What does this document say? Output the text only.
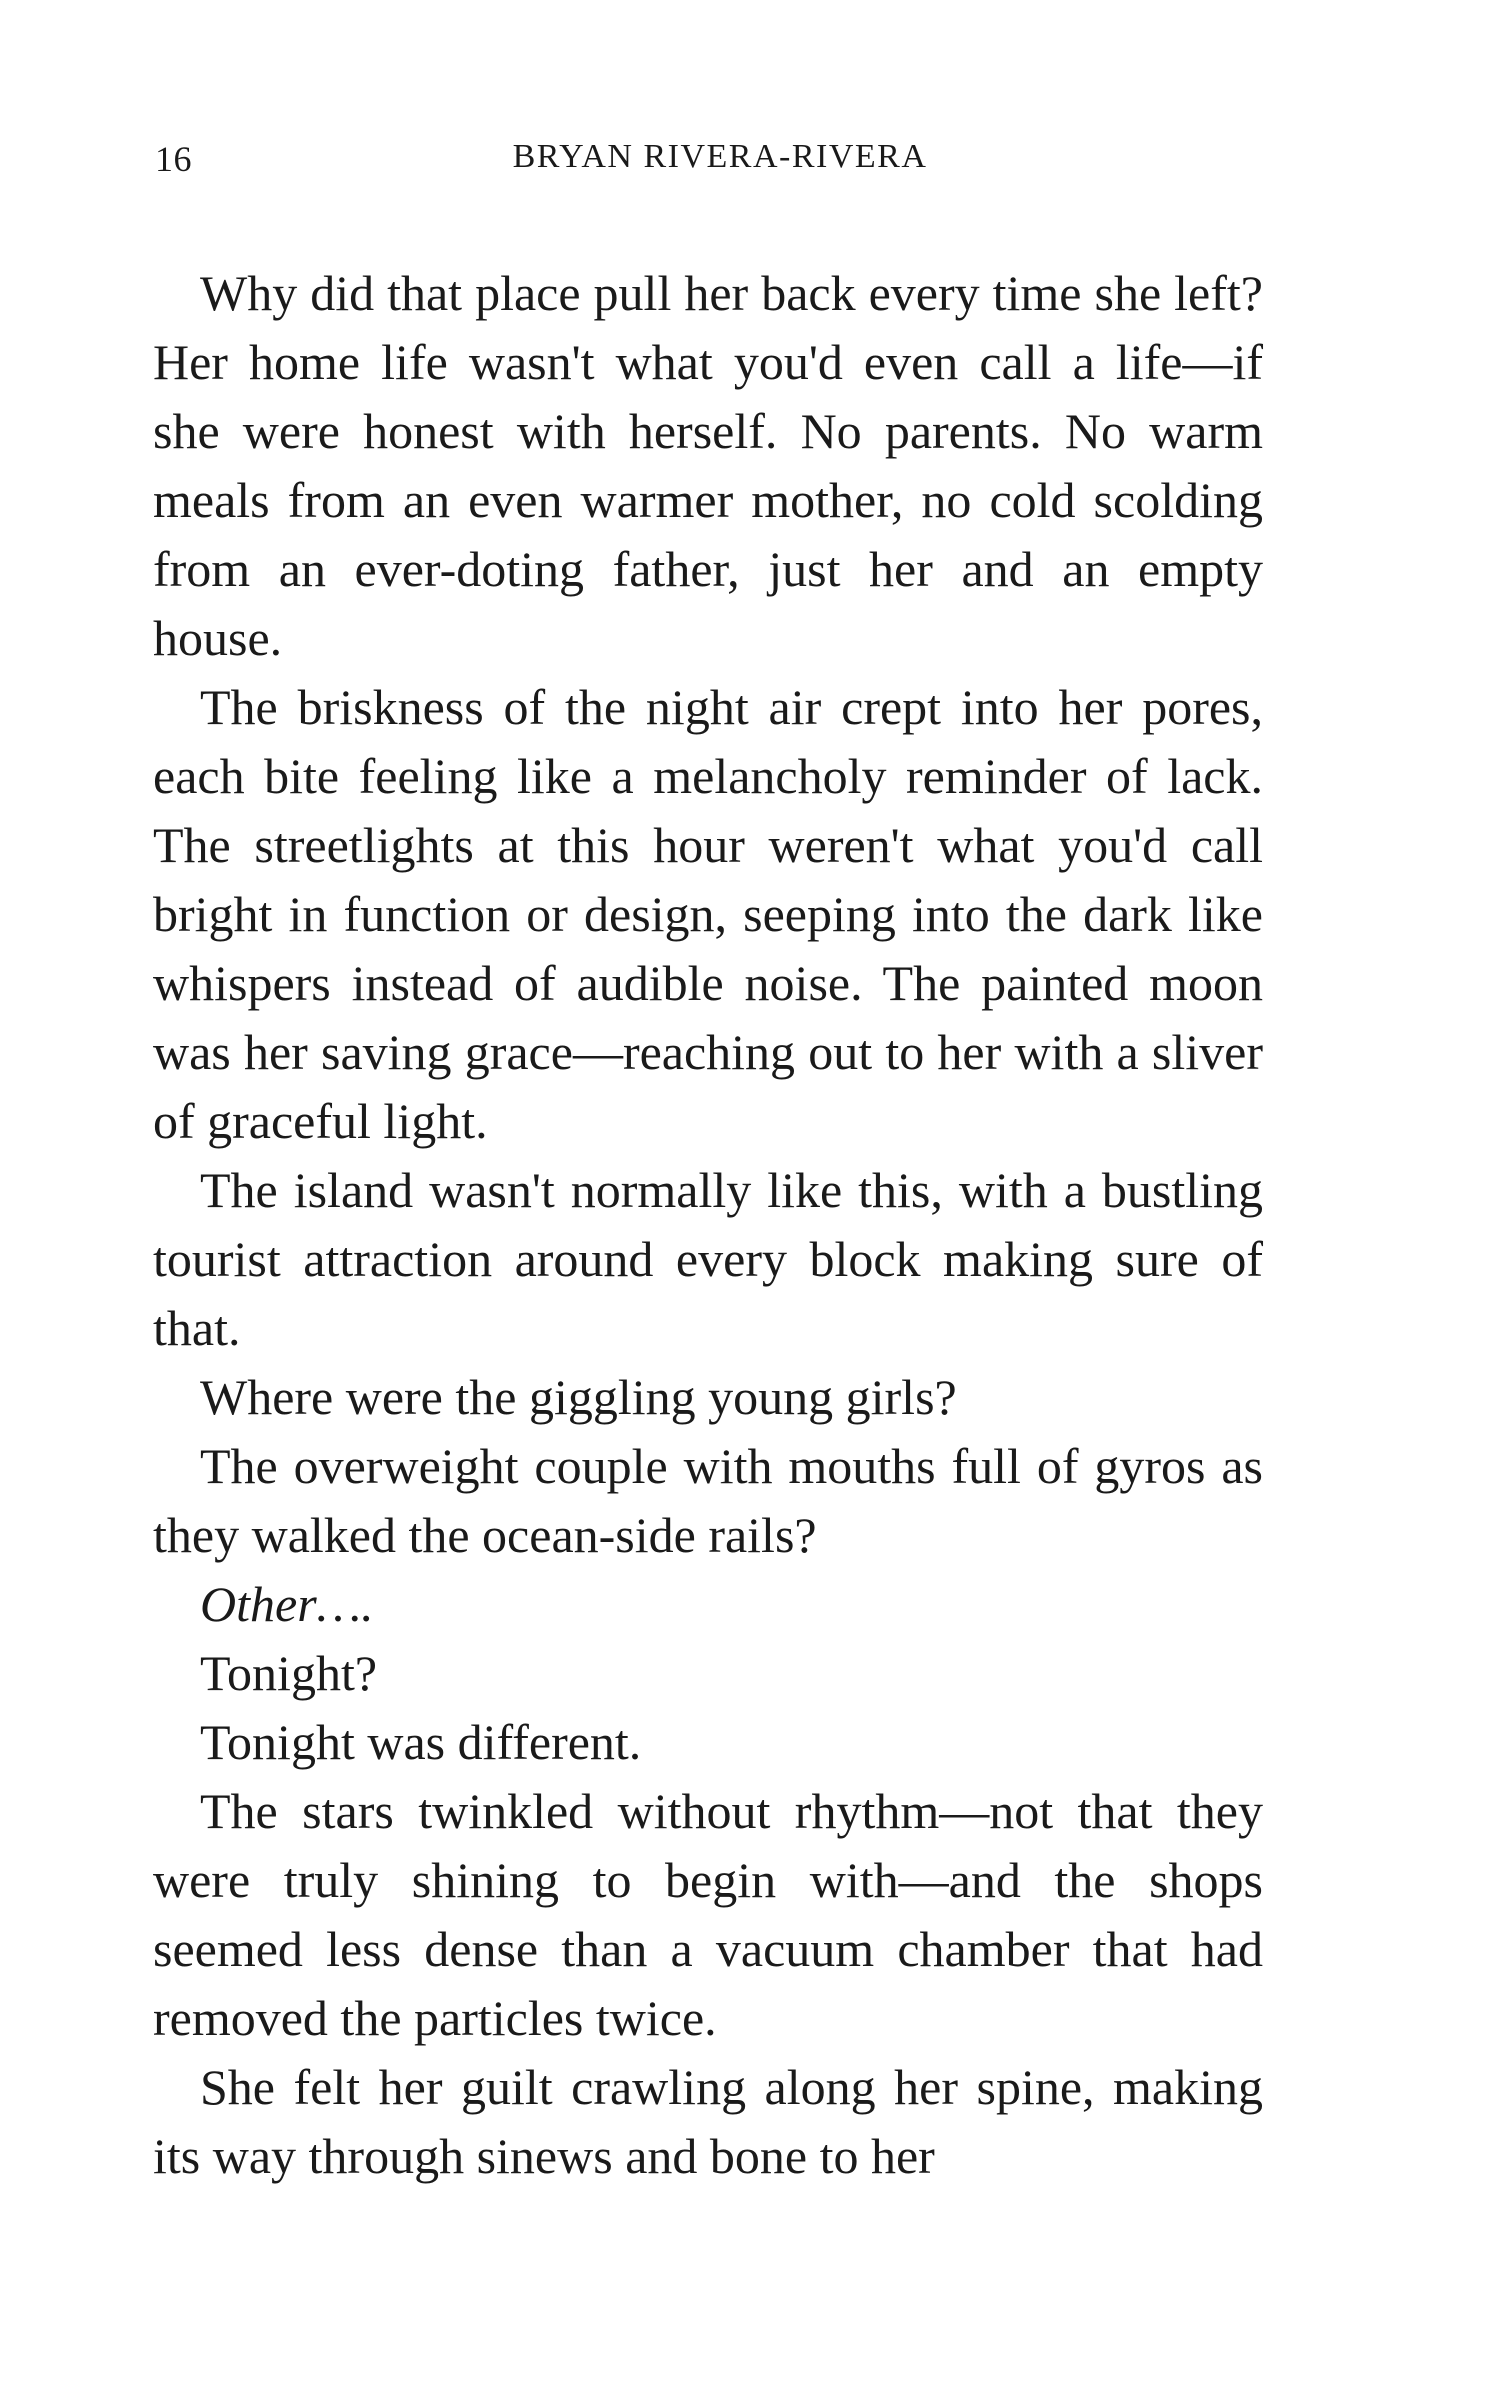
16	BRYAN RIVERA-RIVERA

Why did that place pull her back every time she left? Her home life wasn't what you'd even call a life—if she were honest with herself. No parents. No warm meals from an even warmer mother, no cold scolding from an ever-doting father, just her and an empty house.

The briskness of the night air crept into her pores, each bite feeling like a melancholy reminder of lack. The streetlights at this hour weren't what you'd call bright in function or design, seeping into the dark like whispers instead of audible noise. The painted moon was her saving grace—reaching out to her with a sliver of graceful light.

The island wasn't normally like this, with a bustling tourist attraction around every block making sure of that.

Where were the giggling young girls?

The overweight couple with mouths full of gyros as they walked the ocean-side rails?

Other….

Tonight?

Tonight was different.

The stars twinkled without rhythm—not that they were truly shining to begin with—and the shops seemed less dense than a vacuum chamber that had removed the particles twice.

She felt her guilt crawling along her spine, making its way through sinews and bone to her
